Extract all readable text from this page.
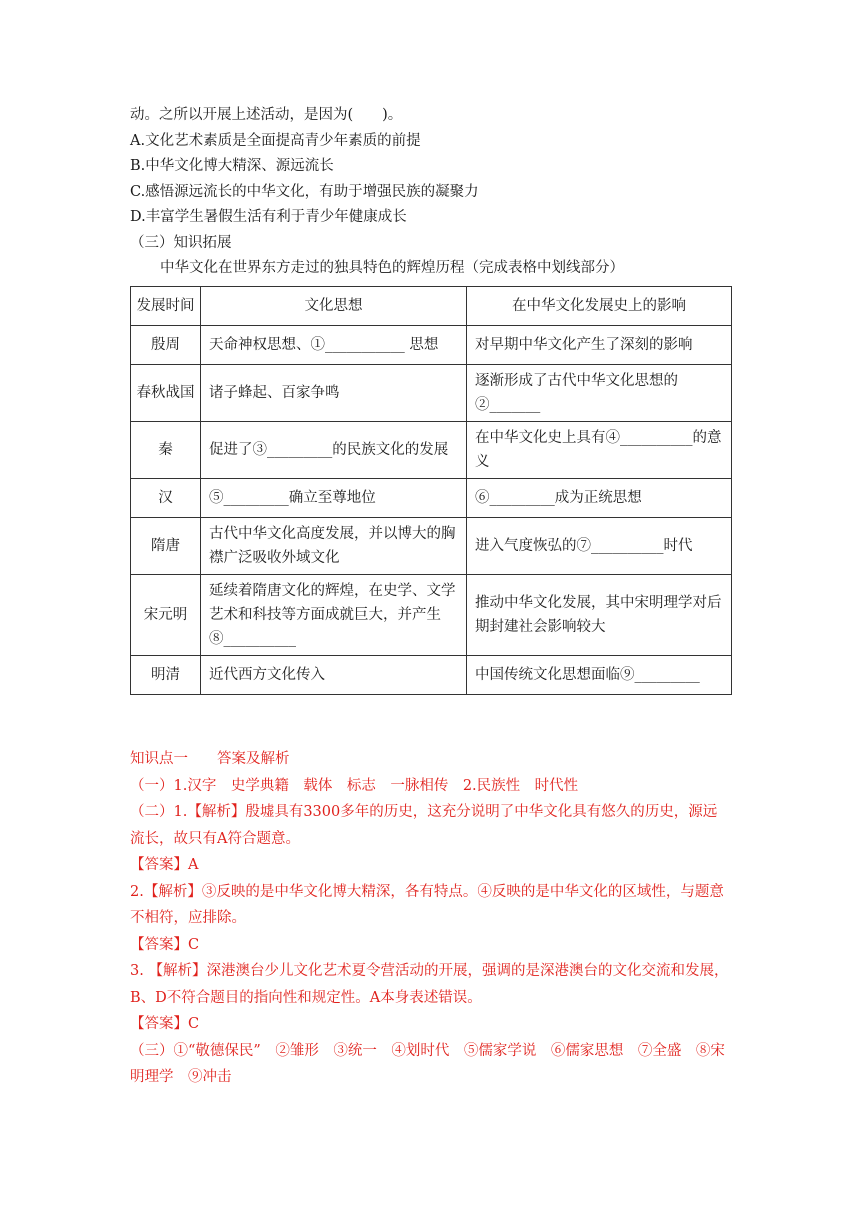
动。之所以开展上述活动，是因为(　　)。
A.文化艺术素质是全面提高青少年素质的前提
B.中华文化博大精深、源远流长
C.感悟源远流长的中华文化，有助于增强民族的凝聚力
D.丰富学生暑假生活有利于青少年健康成长
（三）知识拓展
中华文化在世界东方走过的独具特色的辉煌历程（完成表格中划线部分）
发展时间	文化思想	在中华文化发展史上的影响
殷周	天命神权思想、①___________ 思想	对早期中华文化产生了深刻的影响
春秋战国	诸子蜂起、百家争鸣	逐渐形成了古代中华文化思想的②_______
秦	促进了③_________的民族文化的发展	在中华文化史上具有④__________的意义
汉	⑤_________确立至尊地位	⑥_________成为正统思想
隋唐	古代中华文化高度发展，并以博大的胸襟广泛吸收外域文化	进入气度恢弘的⑦__________时代
宋元明	延续着隋唐文化的辉煌，在史学、文学艺术和科技等方面成就巨大，并产生⑧__________	推动中华文化发展，其中宋明理学对后期封建社会影响较大
明清	近代西方文化传入	中国传统文化思想面临⑨_________
知识点一　　答案及解析
（一）1.汉字　史学典籍　载体　标志　一脉相传　2.民族性　时代性
（二）1.【解析】殷墟具有3300多年的历史，这充分说明了中华文化具有悠久的历史，源远流长，故只有A符合题意。
【答案】A
2.【解析】③反映的是中华文化博大精深，各有特点。④反映的是中华文化的区域性，与题意不相符，应排除。
【答案】C
3. 【解析】深港澳台少儿文化艺术夏令营活动的开展，强调的是深港澳台的文化交流和发展，B、D不符合题目的指向性和规定性。A本身表述错误。
【答案】C
（三）①“敬德保民”　②雏形　③统一　④划时代　⑤儒家学说　⑥儒家思想　⑦全盛　⑧宋明理学　⑨冲击
